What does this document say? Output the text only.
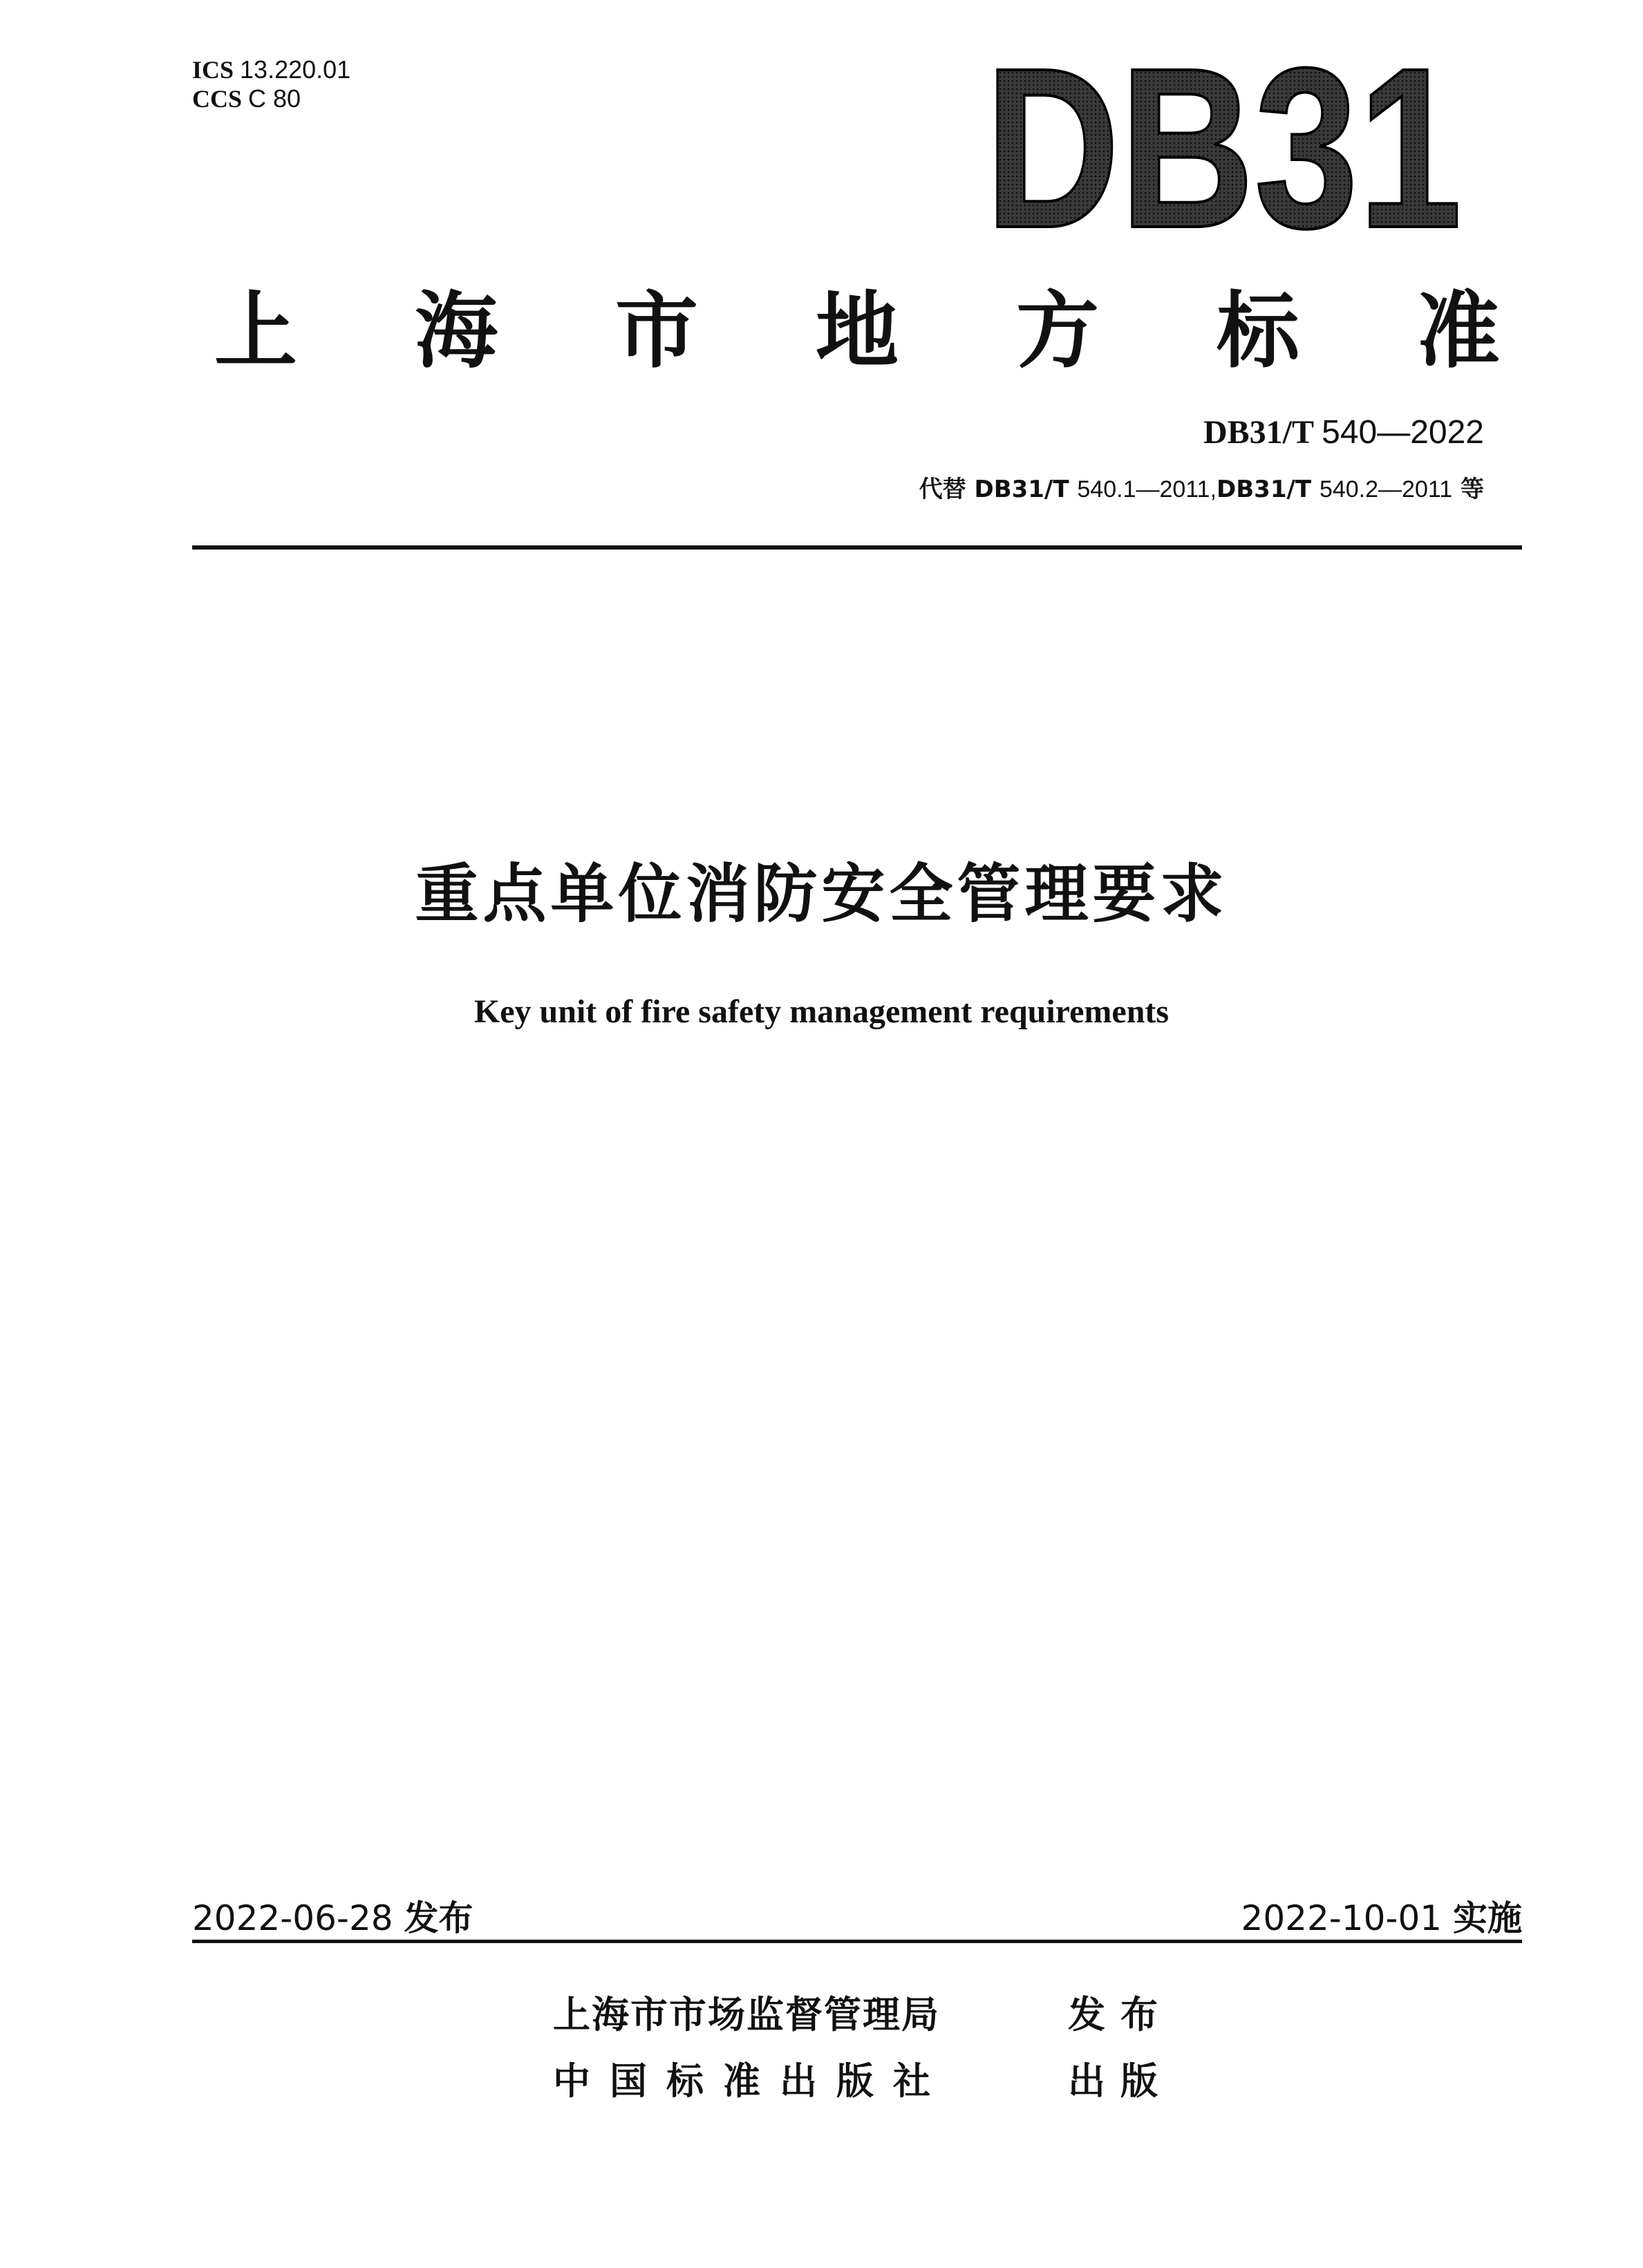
ICS 13.220.01
CCS C 80	DB31
上 海 市 地 方 标 准
DB31/T 540—2022
代替 DB31/T 540.1—2011,DB31/T 540.2—2011 等
重点单位消防安全管理要求
Key unit of fire safety management requirements
2022-06-28 发布	2022-10-01 实施
上海市市场监督管理局	发布
中国标准出版社	出版
